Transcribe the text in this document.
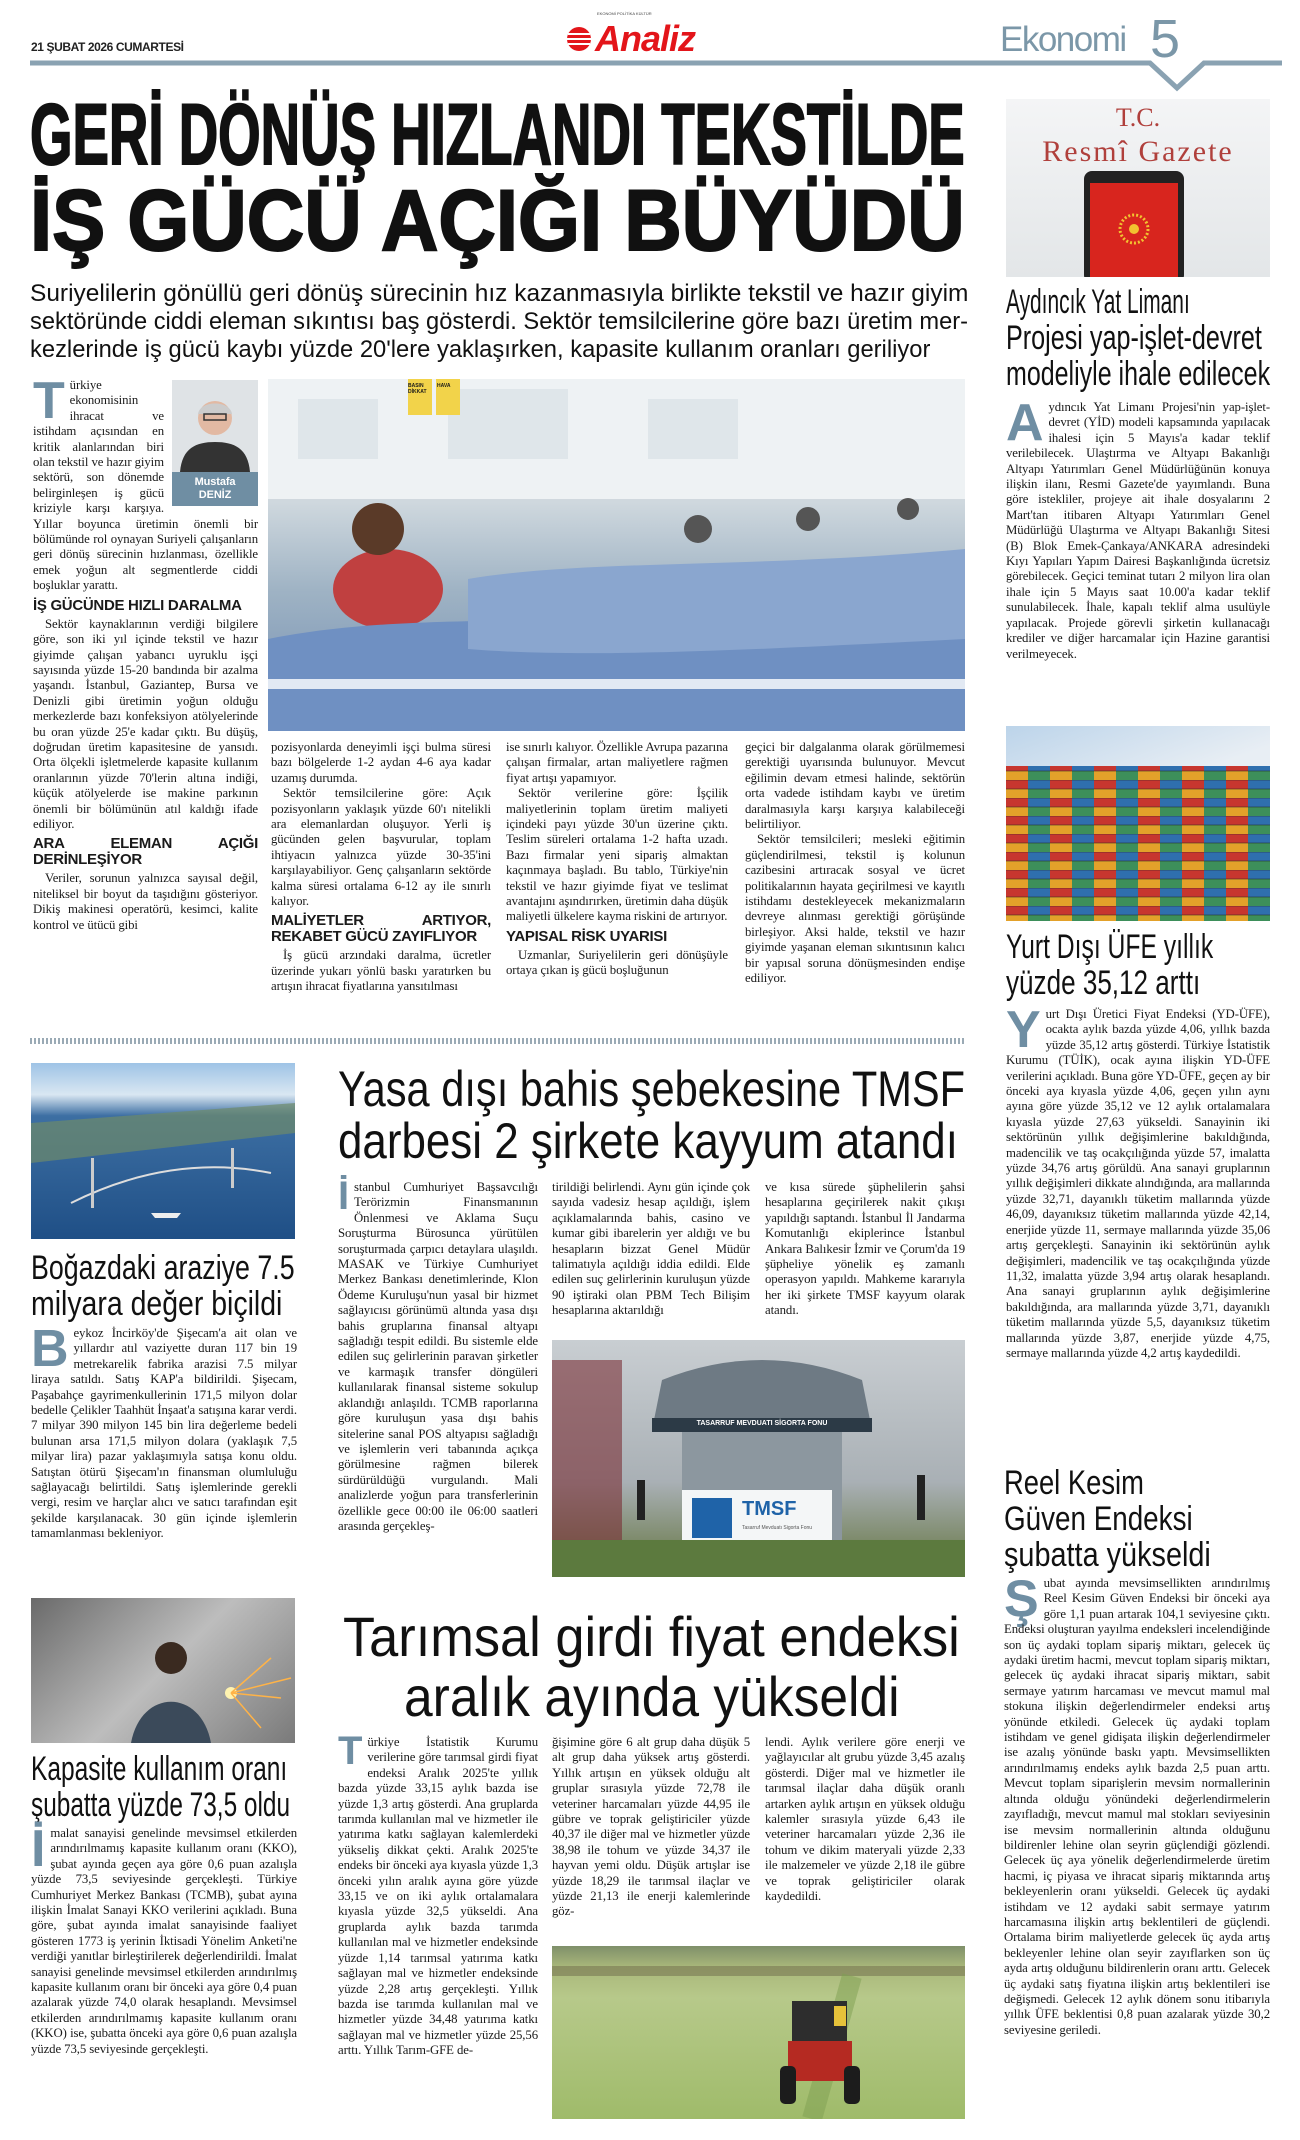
21 ŞUBAT 2026 CUMARTESİ
EKONOMİ POLİTİKA KÜLTÜR
Analiz	Ekonomi 5
GERİ DÖNÜŞ HIZLANDI TEKSTİLDE
İŞ GÜCÜ AÇIĞI BÜYÜDÜ
Suriyelilerin gönüllü geri dönüş sürecinin hız kazanmasıyla birlikte tekstil ve hazır giyim
sektöründe ciddi eleman sıkıntısı baş gösterdi. Sektör temsilcilerine göre bazı üretim mer-
kezlerinde iş gücü kaybı yüzde 20'lere yaklaşırken, kapasite kullanım oranları geriliyor
Mustafa
DENİZ

Türkiye ekonomisinin ihracat ve istihdam açısından en kritik alanlarından biri olan tekstil ve hazır giyim sektörü, son dönemde belirginleşen iş gücü kriziyle karşı karşıya. Yıllar boyunca üretimin önemli bir bölümünde rol oynayan Suriyeli çalışanların geri dönüş sürecinin hızlanması, özellikle emek yoğun alt segmentlerde ciddi boşluklar yarattı.

İŞ GÜCÜNDE HIZLI DARALMA

Sektör kaynaklarının verdiği bilgilere göre, son iki yıl içinde tekstil ve hazır giyimde çalışan yabancı uyruklu işçi sayısında yüzde 15-20 bandında bir azalma yaşandı. İstanbul, Gaziantep, Bursa ve Denizli gibi üretimin yoğun olduğu merkezlerde bazı konfeksiyon atölyelerinde bu oran yüzde 25'e kadar çıktı. Bu düşüş, doğrudan üretim kapasitesine de yansıdı. Orta ölçekli işletmelerde kapasite kullanım oranlarının yüzde 70'lerin altına indiği, küçük atölyelerde ise makine parkının önemli bir bölümünün atıl kaldığı ifade ediliyor.

ARA ELEMAN AÇIĞI DERİNLEŞİYOR

Veriler, sorunun yalnızca sayısal değil, niteliksel bir boyut da taşıdığını gösteriyor. Dikiş makinesi operatörü, kesimci, kalite kontrol ve ütücü gibi

BASIN DİKKAT
HAVA

pozisyonlarda deneyimli işçi bulma süresi bazı bölgelerde 1-2 aydan 4-6 aya kadar uzamış durumda.

Sektör temsilcilerine göre: Açık pozisyonların yaklaşık yüzde 60'ı nitelikli ara elemanlardan oluşuyor. Yerli iş gücünden gelen başvurular, toplam ihtiyacın yalnızca yüzde 30-35'ini karşılayabiliyor. Genç çalışanların sektörde kalma süresi ortalama 6-12 ay ile sınırlı kalıyor.

MALİYETLER ARTIYOR, REKABET GÜCÜ ZAYIFLIYOR

İş gücü arzındaki daralma, ücretler üzerinde yukarı yönlü baskı yaratırken bu artışın ihracat fiyatlarına yansıtılması

ise sınırlı kalıyor. Özellikle Avrupa pazarına çalışan firmalar, artan maliyetlere rağmen fiyat artışı yapamıyor.

Sektör verilerine göre: İşçilik maliyetlerinin toplam üretim maliyeti içindeki payı yüzde 30'un üzerine çıktı. Teslim süreleri ortalama 1-2 hafta uzadı. Bazı firmalar yeni sipariş almaktan kaçınmaya başladı. Bu tablo, Türkiye'nin tekstil ve hazır giyimde fiyat ve teslimat avantajını aşındırırken, üretimin daha düşük maliyetli ülkelere kayma riskini de artırıyor.

YAPISAL RİSK UYARISI

Uzmanlar, Suriyelilerin geri dönüşüyle ortaya çıkan iş gücü boşluğunun

geçici bir dalgalanma olarak görülmemesi gerektiği uyarısında bulunuyor. Mevcut eğilimin devam etmesi halinde, sektörün orta vadede istihdam kaybı ve üretim daralmasıyla karşı karşıya kalabileceği belirtiliyor.

Sektör temsilcileri; mesleki eğitimin güçlendirilmesi, tekstil iş kolunun cazibesini artıracak sosyal ve ücret politikalarının hayata geçirilmesi ve kayıtlı istihdamı destekleyecek mekanizmaların devreye alınması gerektiği görüşünde birleşiyor. Aksi halde, tekstil ve hazır giyimde yaşanan eleman sıkıntısının kalıcı bir yapısal soruna dönüşmesinden endişe ediliyor.

T.C.
Resmî Gazete
Aydıncık Yat Limanı
Projesi yap-işlet-devret
modeliyle ihale edilecek

Aydıncık Yat Limanı Projesi'nin yap-işlet-devret (YİD) modeli kapsamında yapılacak ihalesi için 5 Mayıs'a kadar teklif verilebilecek. Ulaştırma ve Altyapı Bakanlığı Altyapı Yatırımları Genel Müdürlüğünün konuya ilişkin ilanı, Resmi Gazete'de yayımlandı. Buna göre istekliler, projeye ait ihale dosyalarını 2 Mart'tan itibaren Altyapı Yatırımları Genel Müdürlüğü Ulaştırma ve Altyapı Bakanlığı Sitesi (B) Blok Emek-Çankaya/ANKARA adresindeki Kıyı Yapıları Yapım Dairesi Başkanlığında ücretsiz görebilecek. Geçici teminat tutarı 2 milyon lira olan ihale için 5 Mayıs saat 10.00'a kadar teklif sunulabilecek. İhale, kapalı teklif alma usulüyle yapılacak. Projede görevli şirketin kullanacağı krediler ve diğer harcamalar için Hazine garantisi verilmeyecek.

Yurt Dışı ÜFE yıllık
yüzde 35,12 arttı

Yurt Dışı Üretici Fiyat Endeksi (YD-ÜFE), ocakta aylık bazda yüzde 4,06, yıllık bazda yüzde 35,12 artış gösterdi. Türkiye İstatistik Kurumu (TÜİK), ocak ayına ilişkin YD-ÜFE verilerini açıkladı. Buna göre YD-ÜFE, geçen ay bir önceki aya kıyasla yüzde 4,06, geçen yılın aynı ayına göre yüzde 35,12 ve 12 aylık ortalamalara kıyasla yüzde 27,63 yükseldi. Sanayinin iki sektörünün yıllık değişimlerine bakıldığında, madencilik ve taş ocakçılığında yüzde 57, imalatta yüzde 34,76 artış görüldü. Ana sanayi gruplarının yıllık değişimleri dikkate alındığında, ara mallarında yüzde 32,71, dayanıklı tüketim mallarında yüzde 46,09, dayanıksız tüketim mallarında yüzde 42,14, enerjide yüzde 11, sermaye mallarında yüzde 35,06 artış gerçekleşti. Sanayinin iki sektörünün aylık değişimleri, madencilik ve taş ocakçılığında yüzde 11,32, imalatta yüzde 3,94 artış olarak hesaplandı. Ana sanayi gruplarının aylık değişimlerine bakıldığında, ara mallarında yüzde 3,71, dayanıklı tüketim mallarında yüzde 5,5, dayanıksız tüketim mallarında yüzde 3,87, enerjide yüzde 4,75, sermaye mallarında yüzde 4,2 artış kaydedildi.

Reel Kesim
Güven Endeksi
şubatta yükseldi

Şubat ayında mevsimsellikten arındırılmış Reel Kesim Güven Endeksi bir önceki aya göre 1,1 puan artarak 104,1 seviyesine çıktı. Endeksi oluşturan yayılma endeksleri incelendiğinde son üç aydaki toplam sipariş miktarı, gelecek üç aydaki üretim hacmi, mevcut toplam sipariş miktarı, gelecek üç aydaki ihracat sipariş miktarı, sabit sermaye yatırım harcaması ve mevcut mamul mal stokuna ilişkin değerlendirmeler endeksi artış yönünde etkiledi. Gelecek üç aydaki toplam istihdam ve genel gidişata ilişkin değerlendirmeler ise azalış yönünde baskı yaptı. Mevsimsellikten arındırılmamış endeks aylık bazda 2,5 puan arttı. Mevcut toplam siparişlerin mevsim normallerinin altında olduğu yönündeki değerlendirmelerin zayıfladığı, mevcut mamul mal stokları seviyesinin ise mevsim normallerinin altında olduğunu bildirenler lehine olan seyrin güçlendiği gözlendi. Gelecek üç aya yönelik değerlendirmelerde üretim hacmi, iç piyasa ve ihracat sipariş miktarında artış bekleyenlerin oranı yükseldi. Gelecek üç aydaki istihdam ve 12 aydaki sabit sermaye yatırım harcamasına ilişkin artış beklentileri de güçlendi. Ortalama birim maliyetlerde gelecek üç ayda artış bekleyenler lehine olan seyir zayıflarken son üç ayda artış olduğunu bildirenlerin oranı arttı. Gelecek üç aydaki satış fiyatına ilişkin artış beklentileri ise değişmedi. Gelecek 12 aylık dönem sonu itibarıyla yıllık ÜFE beklentisi 0,8 puan azalarak yüzde 30,2 seviyesine geriledi.

Boğazdaki araziye 7.5
milyara değer biçildi

Beykoz İncirköy'de Şişecam'a ait olan ve yıllardır atıl vaziyette duran 117 bin 19 metrekarelik fabrika arazisi 7.5 milyar liraya satıldı. Satış KAP'a bildirildi. Şişecam, Paşabahçe gayrimenkullerinin 171,5 milyon dolar bedelle Çelikler Taahhüt İnşaat'a satışına karar verdi. 7 milyar 390 milyon 145 bin lira değerleme bedeli bulunan arsa 171,5 milyon dolara (yaklaşık 7,5 milyar lira) pazar yaklaşımıyla satışa konu oldu. Satıştan ötürü Şişecam'ın finansman olumluluğu sağlayacağı belirtildi. Satış işlemlerinde gerekli vergi, resim ve harçlar alıcı ve satıcı tarafından eşit şekilde karşılanacak. 30 gün içinde işlemlerin tamamlanması bekleniyor.

Kapasite kullanım oranı
şubatta yüzde 73,5 oldu

İmalat sanayisi genelinde mevsimsel etkilerden arındırılmamış kapasite kullanım oranı (KKO), şubat ayında geçen aya göre 0,6 puan azalışla yüzde 73,5 seviyesinde gerçekleşti. Türkiye Cumhuriyet Merkez Bankası (TCMB), şubat ayına ilişkin İmalat Sanayi KKO verilerini açıkladı. Buna göre, şubat ayında imalat sanayisinde faaliyet gösteren 1773 iş yerinin İktisadi Yönelim Anketi'ne verdiği yanıtlar birleştirilerek değerlendirildi. İmalat sanayisi genelinde mevsimsel etkilerden arındırılmış kapasite kullanım oranı bir önceki aya göre 0,4 puan azalarak yüzde 74,0 olarak hesaplandı. Mevsimsel etkilerden arındırılmamış kapasite kullanım oranı (KKO) ise, şubatta önceki aya göre 0,6 puan azalışla yüzde 73,5 seviyesinde gerçekleşti.

Yasa dışı bahis şebekesine TMSF
darbesi 2 şirkete kayyum atandı

İstanbul Cumhuriyet Başsavcılığı Terörizmin Finansmanının Önlenmesi ve Aklama Suçu Soruşturma Bürosunca yürütülen soruşturmada çarpıcı detaylara ulaşıldı. MASAK ve Türkiye Cumhuriyet Merkez Bankası denetimlerinde, Klon Ödeme Kuruluşu'nun yasal bir hizmet sağlayıcısı görünümü altında yasa dışı bahis gruplarına finansal altyapı sağladığı tespit edildi. Bu sistemle elde edilen suç gelirlerinin paravan şirketler ve karmaşık transfer döngüleri kullanılarak finansal sisteme sokulup aklandığı anlaşıldı. TCMB raporlarına göre kuruluşun yasa dışı bahis sitelerine sanal POS altyapısı sağladığı ve işlemlerin veri tabanında açıkça görülmesine rağmen bilerek sürdürüldüğü vurgulandı. Mali analizlerde yoğun para transferlerinin özellikle gece 00:00 ile 06:00 saatleri arasında gerçekleş-

tirildiği belirlendi. Aynı gün içinde çok sayıda vadesiz hesap açıldığı, işlem açıklamalarında bahis, casino ve kumar gibi ibarelerin yer aldığı ve bu hesapların bizzat Genel Müdür talimatıyla açıldığı iddia edildi. Elde edilen suç gelirlerinin kuruluşun yüzde 90 iştiraki olan PBM Tech Bilişim hesaplarına aktarıldığı

ve kısa sürede şüphelilerin şahsi hesaplarına geçirilerek nakit çıkışı yapıldığı saptandı. İstanbul İl Jandarma Komutanlığı ekiplerince İstanbul Ankara Balıkesir İzmir ve Çorum'da 19 şüpheliye yönelik eş zamanlı operasyon yapıldı. Mahkeme kararıyla her iki şirkete TMSF kayyum olarak atandı.

TASARRUF MEVDUATI SİGORTA FONU
TMSF
Tasarruf Mevduatı Sigorta Fonu
Tarımsal girdi fiyat endeksi
aralık ayında yükseldi

Türkiye İstatistik Kurumu verilerine göre tarımsal girdi fiyat endeksi Aralık 2025'te yıllık bazda yüzde 33,15 aylık bazda ise yüzde 1,3 artış gösterdi. Ana gruplarda tarımda kullanılan mal ve hizmetler ile yatırıma katkı sağlayan kalemlerdeki yükseliş dikkat çekti. Aralık 2025'te endeks bir önceki aya kıyasla yüzde 1,3 önceki yılın aralık ayına göre yüzde 33,15 ve on iki aylık ortalamalara kıyasla yüzde 32,5 yükseldi. Ana gruplarda aylık bazda tarımda kullanılan mal ve hizmetler endeksinde yüzde 1,14 tarımsal yatırıma katkı sağlayan mal ve hizmetler endeksinde yüzde 2,28 artış gerçekleşti. Yıllık bazda ise tarımda kullanılan mal ve hizmetler yüzde 34,48 yatırıma katkı sağlayan mal ve hizmetler yüzde 25,56 arttı. Yıllık Tarım-GFE de-

ğişimine göre 6 alt grup daha düşük 5 alt grup daha yüksek artış gösterdi. Yıllık artışın en yüksek olduğu alt gruplar sırasıyla yüzde 72,78 ile veteriner harcamaları yüzde 44,95 ile gübre ve toprak geliştiriciler yüzde 40,37 ile diğer mal ve hizmetler yüzde 38,98 ile tohum ve yüzde 34,37 ile hayvan yemi oldu. Düşük artışlar ise yüzde 18,29 ile tarımsal ilaçlar ve yüzde 21,13 ile enerji kalemlerinde göz-

lendi. Aylık verilere göre enerji ve yağlayıcılar alt grubu yüzde 3,45 azalış gösterdi. Diğer mal ve hizmetler ile tarımsal ilaçlar daha düşük oranlı artarken aylık artışın en yüksek olduğu kalemler sırasıyla yüzde 6,43 ile veteriner harcamaları yüzde 2,36 ile tohum ve dikim materyali yüzde 2,33 ile malzemeler ve yüzde 2,18 ile gübre ve toprak geliştiriciler olarak kaydedildi.
